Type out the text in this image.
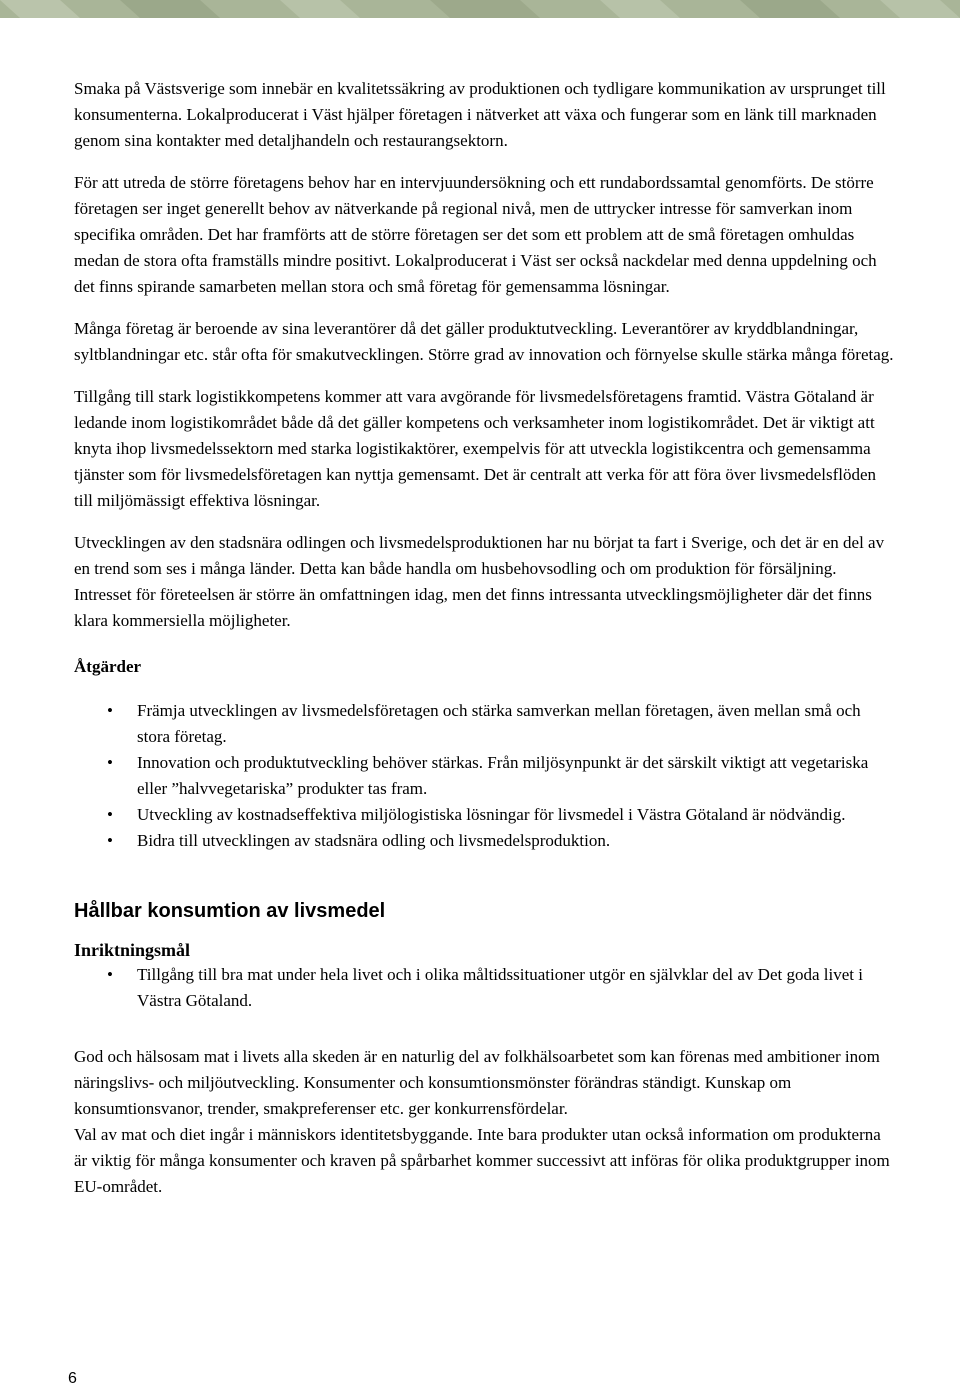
Smaka på Västsverige som innebär en kvalitetssäkring av produktionen och tydligare kommunikation av ursprunget till konsumenterna. Lokalproducerat i Väst hjälper företagen i nätverket att växa och fungerar som en länk till marknaden genom sina kontakter med detaljhandeln och restaurangsektorn.

För att utreda de större företagens behov har en intervjuundersökning och ett rundabordssamtal genomförts. De större företagen ser inget generellt behov av nätverkande på regional nivå, men de uttrycker intresse för samverkan inom specifika områden. Det har framförts att de större företagen ser det som ett problem att de små företagen omhuldas medan de stora ofta framställs mindre positivt. Lokalproducerat i Väst ser också nackdelar med denna uppdelning och det finns spirande samarbeten mellan stora och små företag för gemensamma lösningar.

Många företag är beroende av sina leverantörer då det gäller produktutveckling. Leverantörer av kryddblandningar, syltblandningar etc. står ofta för smakutvecklingen. Större grad av innovation och förnyelse skulle stärka många företag.

Tillgång till stark logistikkompetens kommer att vara avgörande för livsmedelsföretagens framtid. Västra Götaland är ledande inom logistikområdet både då det gäller kompetens och verksamheter inom logistikområdet. Det är viktigt att knyta ihop livsmedelssektorn med starka logistikaktörer, exempelvis för att utveckla logistikcentra och gemensamma tjänster som för livsmedelsföretagen kan nyttja gemensamt. Det är centralt att verka för att föra över livsmedelsflöden till miljömässigt effektiva lösningar.

Utvecklingen av den stadsnära odlingen och livsmedelsproduktionen har nu börjat ta fart i Sverige, och det är en del av en trend som ses i många länder. Detta kan både handla om husbehovsodling och om produktion för försäljning. Intresset för företeelsen är större än omfattningen idag, men det finns intressanta utvecklingsmöjligheter där det finns klara kommersiella möjligheter.

Åtgärder

• Främja utvecklingen av livsmedelsföretagen och stärka samverkan mellan företagen, även mellan små och stora företag.
• Innovation och produktutveckling behöver stärkas. Från miljösynpunkt är det särskilt viktigt att vegetariska eller ”halvvegetariska” produkter tas fram.
• Utveckling av kostnadseffektiva miljölogistiska lösningar för livsmedel i Västra Götaland är nödvändig.
• Bidra till utvecklingen av stadsnära odling och livsmedelsproduktion.

Hållbar konsumtion av livsmedel

Inriktningsmål

• Tillgång till bra mat under hela livet och i olika måltidssituationer utgör en självklar del av Det goda livet i Västra Götaland.

God och hälsosam mat i livets alla skeden är en naturlig del av folkhälsoarbetet som kan förenas med ambitioner inom näringslivs- och miljöutveckling. Konsumenter och konsumtionsmönster förändras ständigt. Kunskap om konsumtionsvanor, trender, smakpreferenser etc. ger konkurrensfördelar.

Val av mat och diet ingår i människors identitetsbyggande. Inte bara produkter utan också information om produkterna är viktig för många konsumenter och kraven på spårbarhet kommer successivt att införas för olika produktgrupper inom EU-området.

6
